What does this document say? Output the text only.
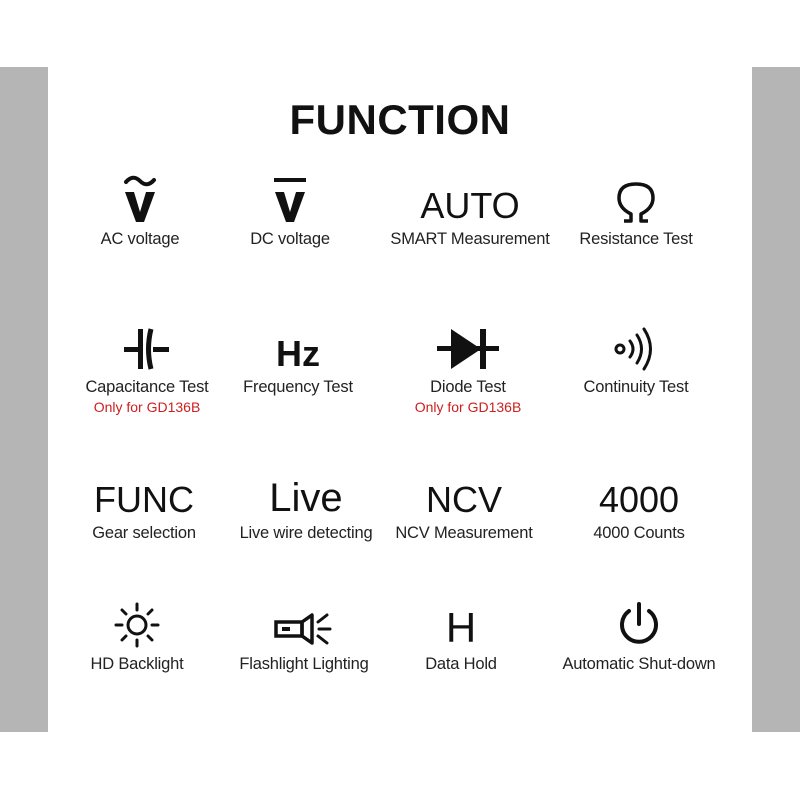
FUNCTION
AC voltage	DC voltage
AUTO
SMART Measurement	Resistance Test
Capacitance Test
Only for GD136B
Hz
Frequency Test	Diode Test
Only for GD136B
Continuity Test
FUNC
Gear selection
Live
Live wire detecting
NCV
NCV Measurement
4000
4000 Counts
HD Backlight	Flashlight Lighting
H
Data Hold	Automatic Shut-down
